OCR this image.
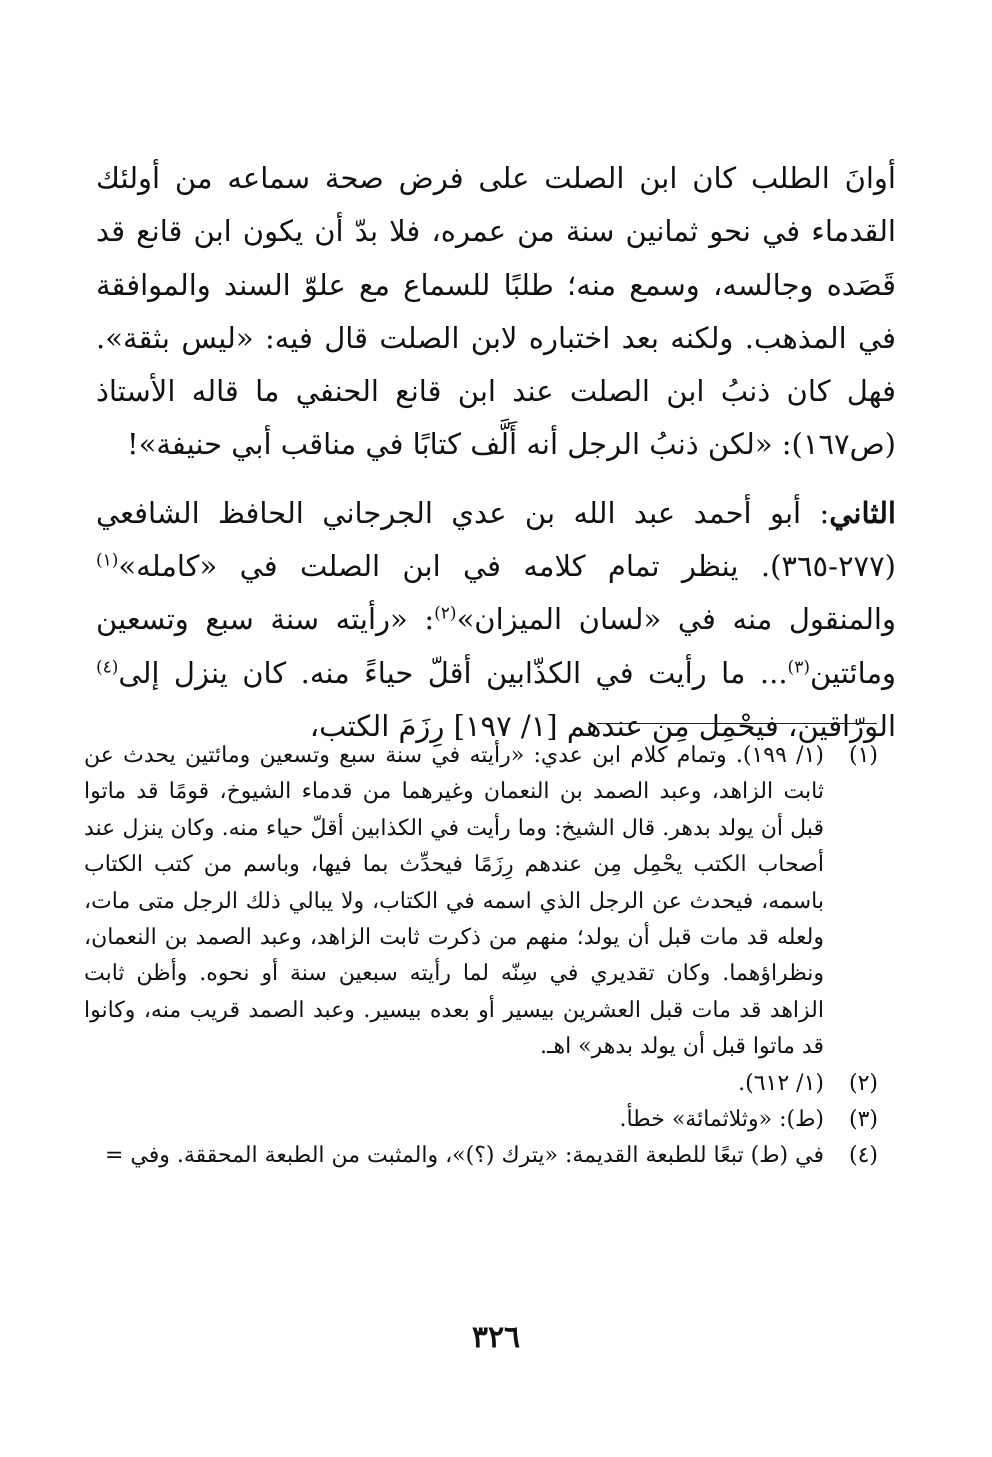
أوانَ الطلب كان ابن الصلت على فرض صحة سماعه من أولئك القدماء في نحو ثمانين سنة من عمره، فلا بدّ أن يكون ابن قانع قد قَصَده وجالسه، وسمع منه؛ طلبًا للسماع مع علوّ السند والموافقة في المذهب. ولكنه بعد اختباره لابن الصلت قال فيه: «ليس بثقة». فهل كان ذنبُ ابن الصلت عند ابن قانع الحنفي ما قاله الأستاذ (ص١٦٧): «لكن ذنبُ الرجل أنه أَلَّف كتابًا في مناقب أبي حنيفة»!

الثاني: أبو أحمد عبد الله بن عدي الجرجاني الحافظ الشافعي (٢٧٧-٣٦٥). ينظر تمام كلامه في ابن الصلت في «كامله»$^{(١)}$ والمنقول منه في «لسان الميزان»$^{(٢)}$: «رأيته سنة سبع وتسعين ومائتين$^{(٣)}$... ما رأيت في الكذّابين أقلّ حياءً منه. كان ينزل إلى$^{(٤)}$ الورّاقين، فيحْمِل مِن عندهم [١/ ١٩٧] رِزَمَ الكتب،

(١)
(١/ ١٩٩). وتمام كلام ابن عدي: «رأيته في سنة سبع وتسعين ومائتين يحدث عن ثابت الزاهد، وعبد الصمد بن النعمان وغيرهما من قدماء الشيوخ، قومًا قد ماتوا قبل أن يولد بدهر. قال الشيخ: وما رأيت في الكذابين أقلّ حياء منه. وكان ينزل عند أصحاب الكتب يحْمِل مِن عندهم رِزَمًا فيحدِّث بما فيها، وباسم من كتب الكتاب باسمه، فيحدث عن الرجل الذي اسمه في الكتاب، ولا يبالي ذلك الرجل متى مات، ولعله قد مات قبل أن يولد؛ منهم من ذكرت ثابت الزاهد، وعبد الصمد بن النعمان، ونظراؤهما. وكان تقديري في سِنّه لما رأيته سبعين سنة أو نحوه. وأظن ثابت الزاهد قد مات قبل العشرين بيسير أو بعده بيسير. وعبد الصمد قريب منه، وكانوا قد ماتوا قبل أن يولد بدهر» اهـ.
(٢)
(١/ ٦١٢).
(٣)
(ط): «وثلاثمائة» خطأ.
(٤)
في (ط) تبعًا للطبعة القديمة: «يترك (؟)»، والمثبت من الطبعة المحققة. وفي =
٣٢٦
